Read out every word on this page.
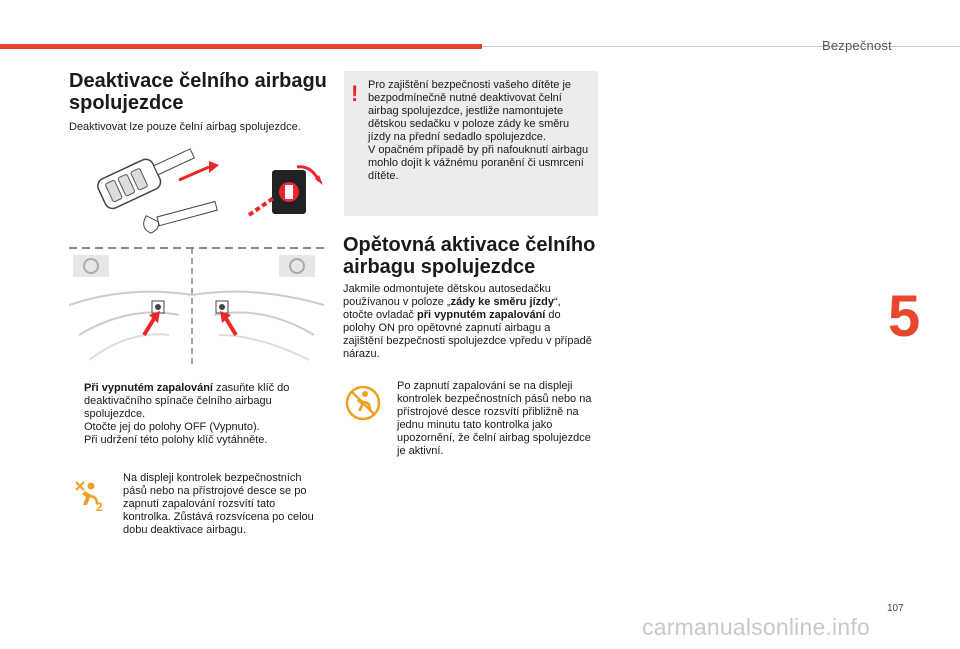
Bezpečnost
5
Deaktivace čelního airbagu spolujezdce

Deaktivovat lze pouze čelní airbag spolujezdce.

Při vypnutém zapalování zasuňte klíč do deaktivačního spínače čelního airbagu spolujezdce.
Otočte jej do polohy OFF (Vypnuto).
Při udržení této polohy klíč vytáhněte.
2

Na displeji kontrolek bezpečnostních pásů nebo na přístrojové desce se po zapnutí zapalování rozsvítí tato kontrolka. Zůstává rozsvícena po celou dobu deaktivace airbagu.

! Pro zajištění bezpečnosti vašeho dítěte je bezpodmínečně nutné deaktivovat čelní airbag spolujezdce, jestliže namontujete dětskou sedačku v poloze zády ke směru jízdy na přední sedadlo spolujezdce.
V opačném případě by při nafouknutí airbagu mohlo dojít k vážnému poranění či usmrcení dítěte.
Opětovná aktivace čelního airbagu spolujezdce

Jakmile odmontujete dětskou autosedačku používanou v poloze „zády ke směru jízdy“, otočte ovladač při vypnutém zapalování do polohy ON pro opětovné zapnutí airbagu a zajištění bezpečnosti spolujezdce vpředu v případě nárazu.

Po zapnutí zapalování se na displeji kontrolek bezpečnostních pásů nebo na přístrojové desce rozsvítí přibližně na jednu minutu tato kontrolka jako upozornění, že čelní airbag spolujezdce je aktivní.

107
carmanualsonline.info
